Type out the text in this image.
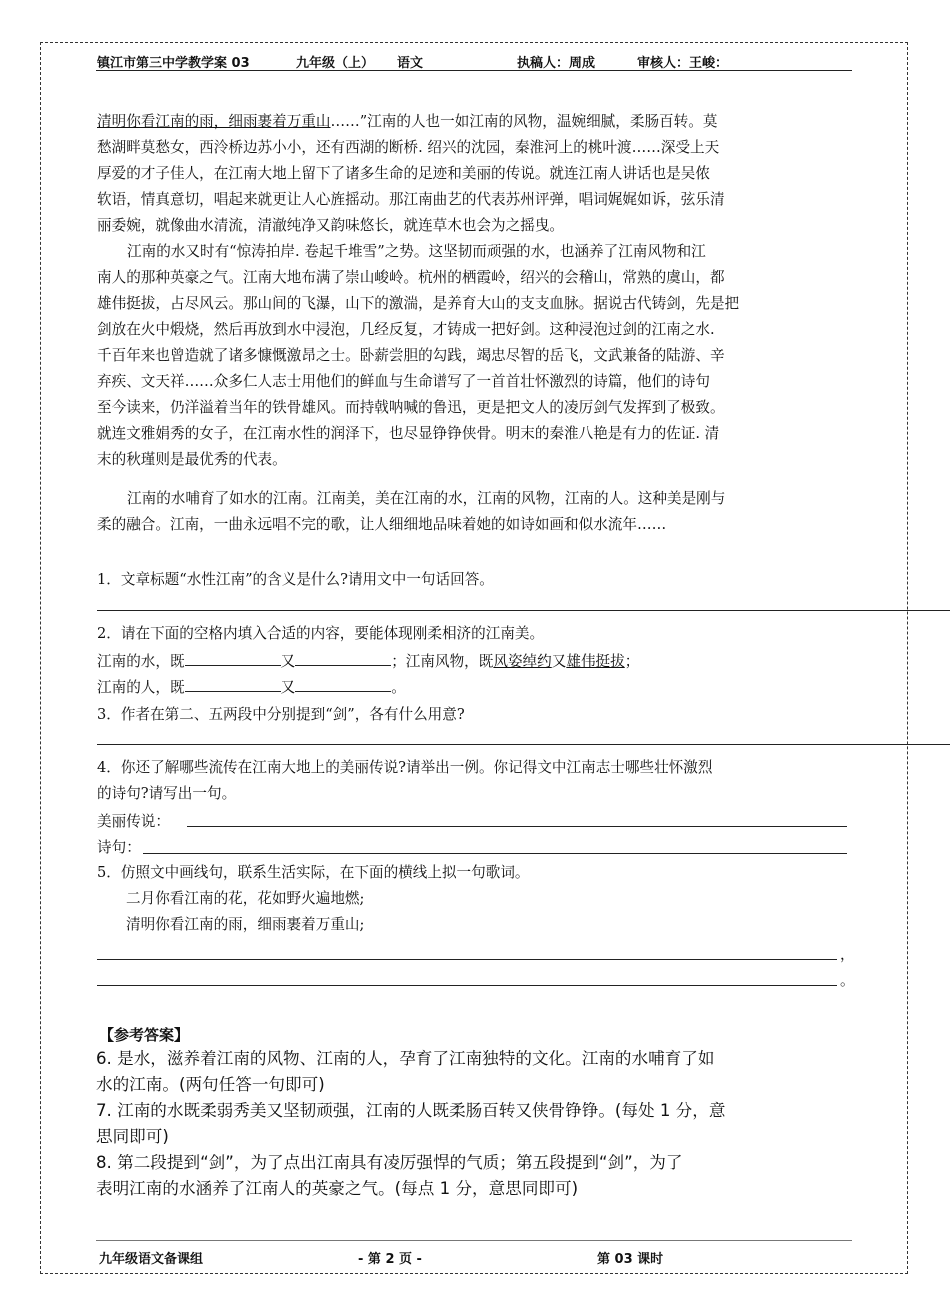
镇江市第三中学教学案 03	九年级（上） 语文	执稿人：周成	审核人：王峻：
清明你看江南的雨，细雨裹着万重山……”江南的人也一如江南的风物，温婉细腻，柔肠百转。莫
愁湖畔莫愁女，西泠桥边苏小小，还有西湖的断桥. 绍兴的沈园，秦淮河上的桃叶渡……深受上天
厚爱的才子佳人，在江南大地上留下了诸多生命的足迹和美丽的传说。就连江南人讲话也是吴侬
软语，情真意切，唱起来就更让人心旌摇动。那江南曲艺的代表苏州评弹，唱词娓娓如诉，弦乐清
丽委婉，就像曲水清流，清澈纯净又韵味悠长，就连草木也会为之摇曳。
江南的水又时有“惊涛拍岸. 卷起千堆雪”之势。这坚韧而顽强的水，也涵养了江南风物和江
南人的那种英豪之气。江南大地布满了崇山峻岭。杭州的栖霞岭，绍兴的会稽山，常熟的虞山，都
雄伟挺拔，占尽风云。那山间的飞瀑，山下的激湍，是养育大山的支支血脉。据说古代铸剑，先是把
剑放在火中煅烧，然后再放到水中浸泡，几经反复，才铸成一把好剑。这种浸泡过剑的江南之水.
千百年来也曾造就了诸多慷慨激昂之士。卧薪尝胆的勾践，竭忠尽智的岳飞，文武兼备的陆游、辛
弃疾、文天祥……众多仁人志士用他们的鲜血与生命谱写了一首首壮怀激烈的诗篇，他们的诗句
至今读来，仍洋溢着当年的铁骨雄风。而持戟呐喊的鲁迅，更是把文人的凌厉剑气发挥到了极致。
就连文雅娟秀的女子，在江南水性的润泽下，也尽显铮铮侠骨。明末的秦淮八艳是有力的佐证. 清
末的秋瑾则是最优秀的代表。
江南的水哺育了如水的江南。江南美，美在江南的水，江南的风物，江南的人。这种美是刚与
柔的融合。江南，一曲永远唱不完的歌，让人细细地品味着她的如诗如画和似水流年……
1．文章标题“水性江南”的含义是什么?请用文中一句话回答。
2．请在下面的空格内填入合适的内容，要能体现刚柔相济的江南美。
江南的水，既	又	；江南风物，既风姿绰约又雄伟挺拔；
江南的人，既	又	。
3．作者在第二、五两段中分别提到“剑”，各有什么用意?
4．你还了解哪些流传在江南大地上的美丽传说?请举出一例。你记得文中江南志士哪些壮怀激烈
的诗句?请写出一句。
美丽传说：
诗句：
5．仿照文中画线句，联系生活实际，在下面的横线上拟一句歌词。
二月你看江南的花，花如野火遍地燃;
清明你看江南的雨，细雨裹着万重山;
，
。
【参考答案】
6. 是水，滋养着江南的风物、江南的人，孕育了江南独特的文化。江南的水哺育了如
水的江南。(两句任答一句即可)
7. 江南的水既柔弱秀美又坚韧顽强，江南的人既柔肠百转又侠骨铮铮。(每处 1 分，意
思同即可)
8. 第二段提到“剑”，为了点出江南具有凌厉强悍的气质；第五段提到“剑”，为了
表明江南的水涵养了江南人的英豪之气。(每点 1 分，意思同即可)
九年级语文备课组	- 第 2 页 -	第 03 课时
